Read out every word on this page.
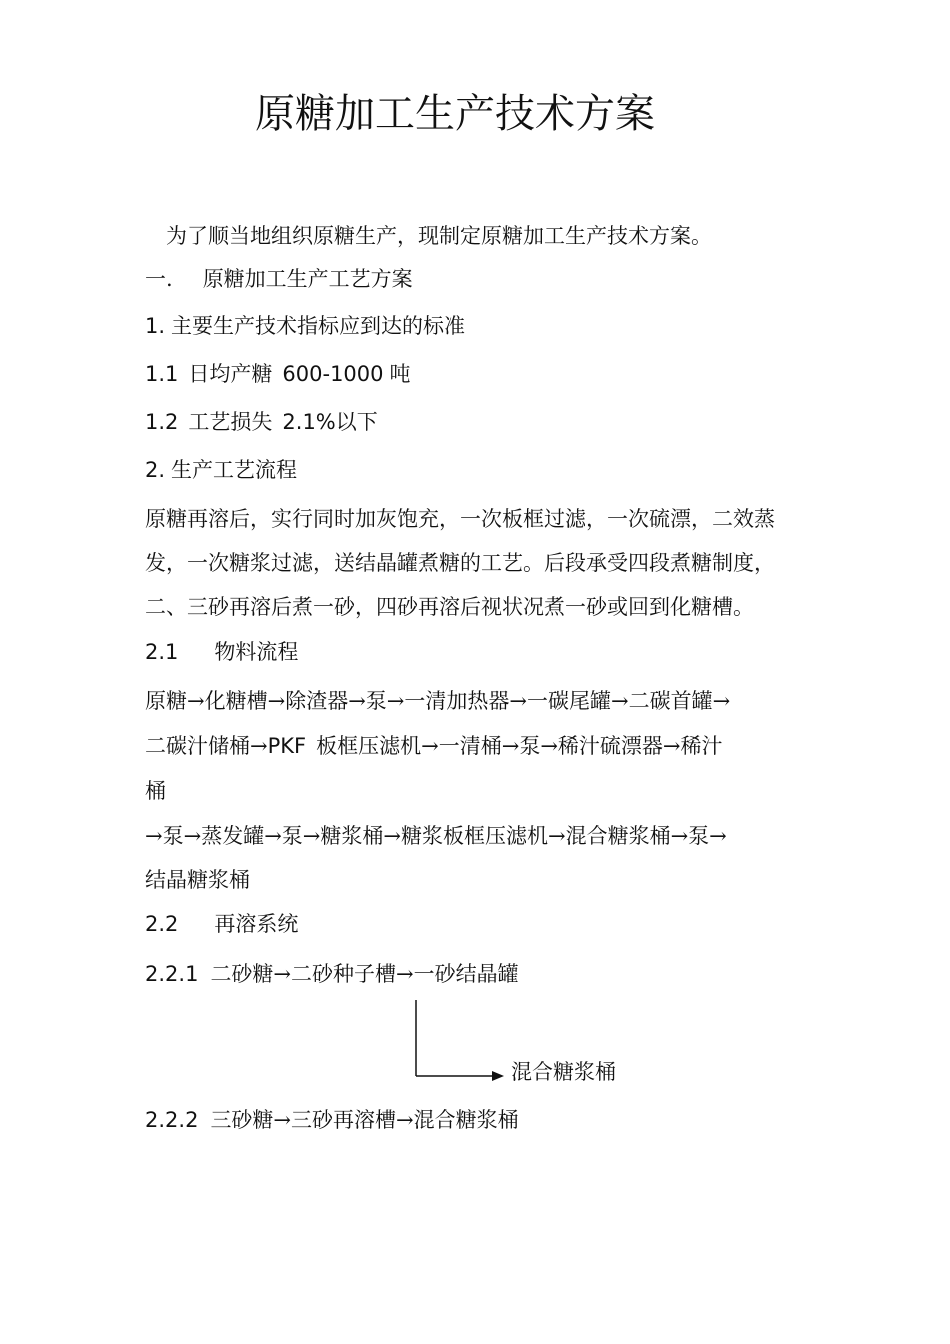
原糖加工生产技术方案
为了顺当地组织原糖生产，现制定原糖加工生产技术方案。
一. 原糖加工生产工艺方案
1. 主要生产技术指标应到达的标准
1.1 日均产糖 600-1000 吨
1.2 工艺损失 2.1%以下
2. 生产工艺流程
原糖再溶后，实行同时加灰饱充，一次板框过滤，一次硫漂，二效蒸
发，一次糖浆过滤，送结晶罐煮糖的工艺。后段承受四段煮糖制度，
二、三砂再溶后煮一砂，四砂再溶后视状况煮一砂或回到化糖槽。
2.1 物料流程
原糖→化糖槽→除渣器→泵→一清加热器→一碳尾罐→二碳首罐→
二碳汁储桶→PKF 板框压滤机→一清桶→泵→稀汁硫漂器→稀汁
桶
→泵→蒸发罐→泵→糖浆桶→糖浆板框压滤机→混合糖浆桶→泵→
结晶糖浆桶
2.2 再溶系统
2.2.1 二砂糖→二砂种子槽→一砂结晶罐
混合糖浆桶
2.2.2 三砂糖→三砂再溶槽→混合糖浆桶
